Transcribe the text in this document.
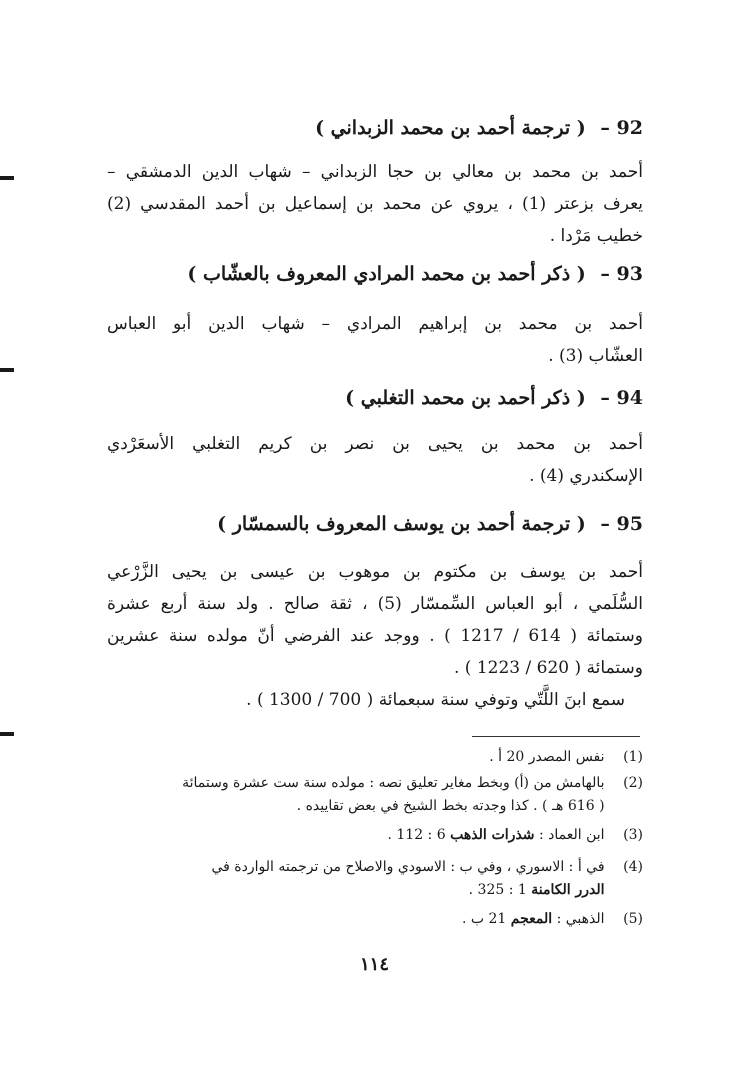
92 – ( ترجمة أحمد بن محمد الزبداني )
أحمد بن محمد بن معالي بن حجا الزبداني – شهاب الدين الدمشقي –
يعرف بزعتر (1) ، يروي عن محمد بن إسماعيل بن أحمد المقدسي (2)
خطيب مَرْدا .
93 – ( ذكر أحمد بن محمد المرادي المعروف بالعشّاب )
أحمد بن محمد بن إبراهيم المرادي – شهاب الدين أبو العباس
العشّاب (3) .
94 – ( ذكر أحمد بن محمد التغلبي )
أحمد بن محمد بن يحيى بن نصر بن كريم التغلبي الأسعَرْدي
الإسكندري (4) .
95 – ( ترجمة أحمد بن يوسف المعروف بالسمسّار )
أحمد بن يوسف بن مكتوم بن موهوب بن عيسى بن يحيى الزَّرْعي
السُّلَمي ، أبو العباس السِّمسّار (5) ، ثقة صالح . ولد سنة أربع عشرة
وستمائة ( 614 / 1217 ) . ووجد عند الفرضي أنّ مولده سنة عشرين
وستمائة ( 620 / 1223 ) .
سمع ابنَ اللَّتّي وتوفي سنة سبعمائة ( 700 / 1300 ) .
(1) نفس المصدر 20 أ .
(2) بالهامش من (أ) وبخط مغاير تعليق نصه : مولده سنة ست عشرة وستمائة
( 616 هـ ) . كذا وجدته بخط الشيخ في بعض تقاييده .
(3) ابن العماد : شذرات الذهب 6 : 112 .
(4) في أ : الاسوري ، وفي ب : الاسودي والاصلاح من ترجمته الواردة في
الدرر الكامنة 1 : 325 .
(5) الذهبي : المعجم 21 ب .
١١٤
